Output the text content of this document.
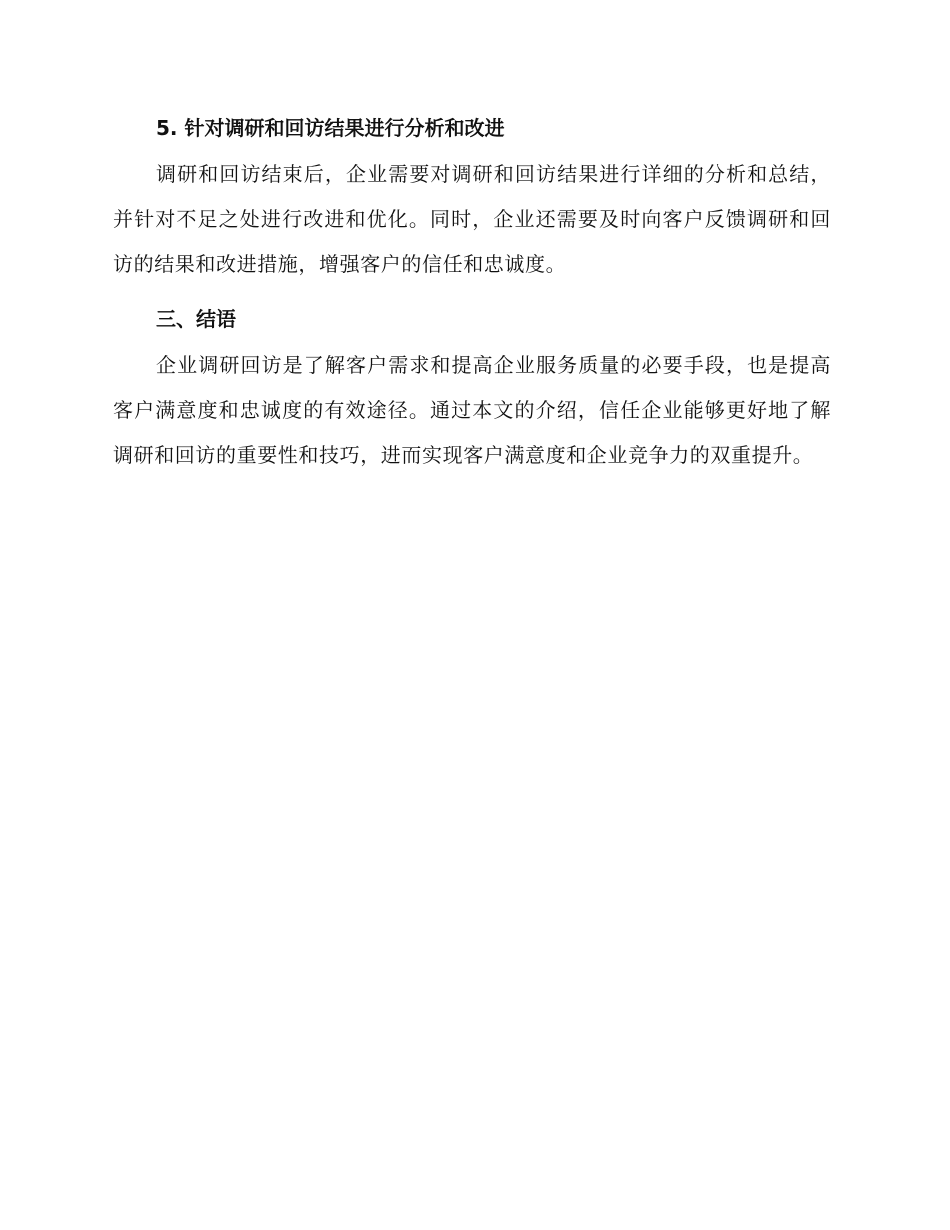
5. 针对调研和回访结果进行分析和改进

调研和回访结束后，企业需要对调研和回访结果进行详细的分析和总结，并针对不足之处进行改进和优化。同时，企业还需要及时向客户反馈调研和回访的结果和改进措施，增强客户的信任和忠诚度。

三、结语

企业调研回访是了解客户需求和提高企业服务质量的必要手段，也是提高客户满意度和忠诚度的有效途径。通过本文的介绍，信任企业能够更好地了解调研和回访的重要性和技巧，进而实现客户满意度和企业竞争力的双重提升。
